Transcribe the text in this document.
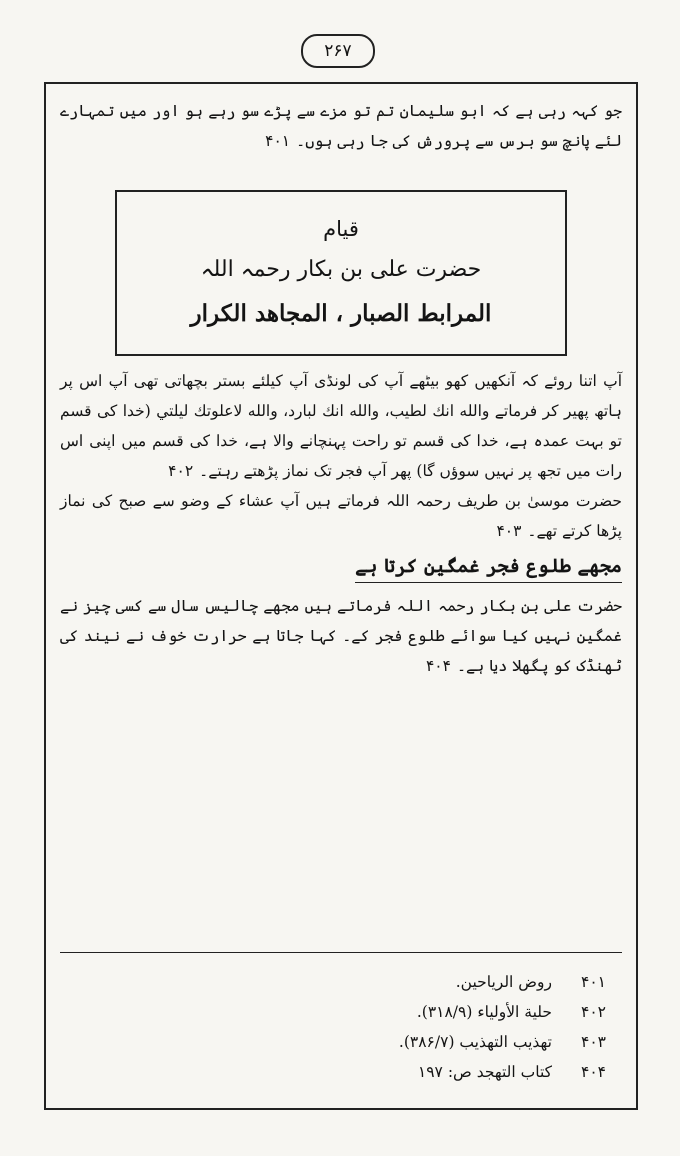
۲۶۷

جو کہہ رہی ہے کہ ابو سلیمان تم تو مزے سے پڑے سو رہے ہو اور میں تمہارے لئے پانچ سو برس سے پرورش کی جا رہی ہوں۔۴۰۱

قیام
حضرت علی بن بکار رحمہ اللہ
المرابط الصبار ، المجاهد الكرار

آپ اتنا روئے کہ آنکھیں کھو بیٹھے آپ کی لونڈی آپ کیلئے بستر بچھاتی تھی آپ اس پر ہاتھ پھیر کر فرماتے والله انك لطيب، والله انك لبارد، والله لاعلوتك ليلتي (خدا کی قسم تو بہت عمدہ ہے، خدا کی قسم تو راحت پہنچانے والا ہے، خدا کی قسم میں اپنی اس رات میں تجھ پر نہیں سوؤں گا) پھر آپ فجر تک نماز پڑھتے رہتے۔۴۰۲

حضرت موسیٰ بن طریف رحمہ اللہ فرماتے ہیں آپ عشاء کے وضو سے صبح کی نماز پڑھا کرتے تھے۔۴۰۳

مجھے طلوع فجر غمگین کرتا ہے

حضرت علی بن بکار رحمہ اللہ فرماتے ہیں مجھے چالیس سال سے کسی چیز نے غمگین نہیں کیا سوائے طلوع فجر کے۔ کہا جاتا ہے حرارت خوف نے نیند کی ٹھنڈک کو پگھلا دیا ہے۔۴۰۴

۴۰۱
روض الرياحين.
۴۰۲
حلية الأولياء (۳۱۸/۹).
۴۰۳
تهذيب التهذيب (۳۸۶/۷).
۴۰۴
كتاب التهجد ص: ۱۹۷
